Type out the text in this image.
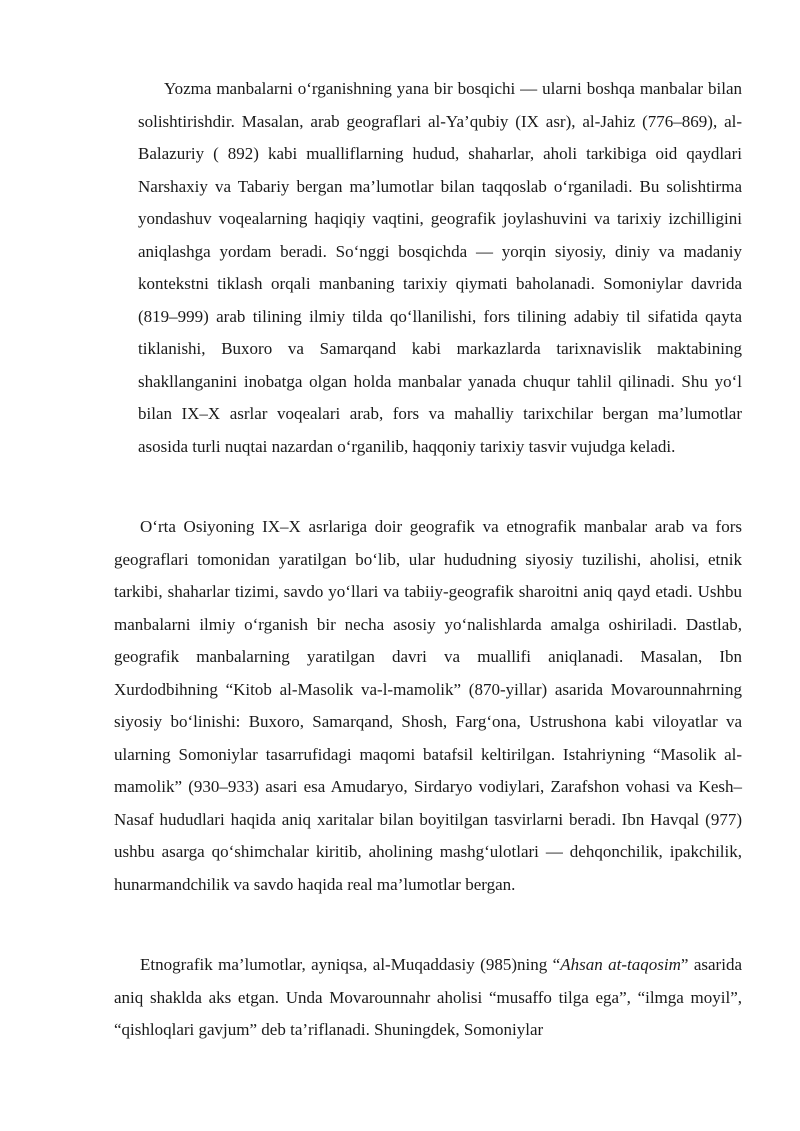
Yozma manbalarni o‘rganishning yana bir bosqichi — ularni boshqa manbalar bilan solishtirishdir. Masalan, arab geograflari al-Ya’qubiy (IX asr), al-Jahiz (776–869), al-Balazuriy ( 892) kabi mualliflarning hudud, shaharlar, aholi tarkibiga oid qaydlari Narshaxiy va Tabariy bergan ma’lumotlar bilan taqqoslab o‘rganiladi. Bu solishtirma yondashuv voqealarning haqiqiy vaqtini, geografik joylashuvini va tarixiy izchilligini aniqlashga yordam beradi. So‘nggi bosqichda — yorqin siyosiy, diniy va madaniy kontekstni tiklash orqali manbaning tarixiy qiymati baholanadi. Somoniylar davrida (819–999) arab tilining ilmiy tilda qo‘llanilishi, fors tilining adabiy til sifatida qayta tiklanishi, Buxoro va Samarqand kabi markazlarda tarixnavislik maktabining shakllanganini inobatga olgan holda manbalar yanada chuqur tahlil qilinadi. Shu yo‘l bilan IX–X asrlar voqealari arab, fors va mahalliy tarixchilar bergan ma’lumotlar asosida turli nuqtai nazardan o‘rganilib, haqqoniy tarixiy tasvir vujudga keladi.

O‘rta Osiyoning IX–X asrlariga doir geografik va etnografik manbalar arab va fors geograflari tomonidan yaratilgan bo‘lib, ular hududning siyosiy tuzilishi, aholisi, etnik tarkibi, shaharlar tizimi, savdo yo‘llari va tabiiy-geografik sharoitni aniq qayd etadi. Ushbu manbalarni ilmiy o‘rganish bir necha asosiy yo‘nalishlarda amalga oshiriladi. Dastlab, geografik manbalarning yaratilgan davri va muallifi aniqlanadi. Masalan, Ibn Xurdodbihning “Kitob al-Masolik va-l-mamolik” (870-yillar) asarida Movarounnahrning siyosiy bo‘linishi: Buxoro, Samarqand, Shosh, Farg‘ona, Ustrushona kabi viloyatlar va ularning Somoniylar tasarrufidagi maqomi batafsil keltirilgan. Istahriyning “Masolik al-mamolik” (930–933) asari esa Amudaryo, Sirdaryo vodiylari, Zarafshon vohasi va Kesh–Nasaf hududlari haqida aniq xaritalar bilan boyitilgan tasvirlarni beradi. Ibn Havqal (977) ushbu asarga qo‘shimchalar kiritib, aholining mashg‘ulotlari — dehqonchilik, ipakchilik, hunarmandchilik va savdo haqida real ma’lumotlar bergan.

Etnografik ma’lumotlar, ayniqsa, al-Muqaddasiy (985)ning “Ahsan at-taqosim” asarida aniq shaklda aks etgan. Unda Movarounnahr aholisi “musaffo tilga ega”, “ilmga moyil”, “qishloqlari gavjum” deb ta’riflanadi. Shuningdek, Somoniylar
